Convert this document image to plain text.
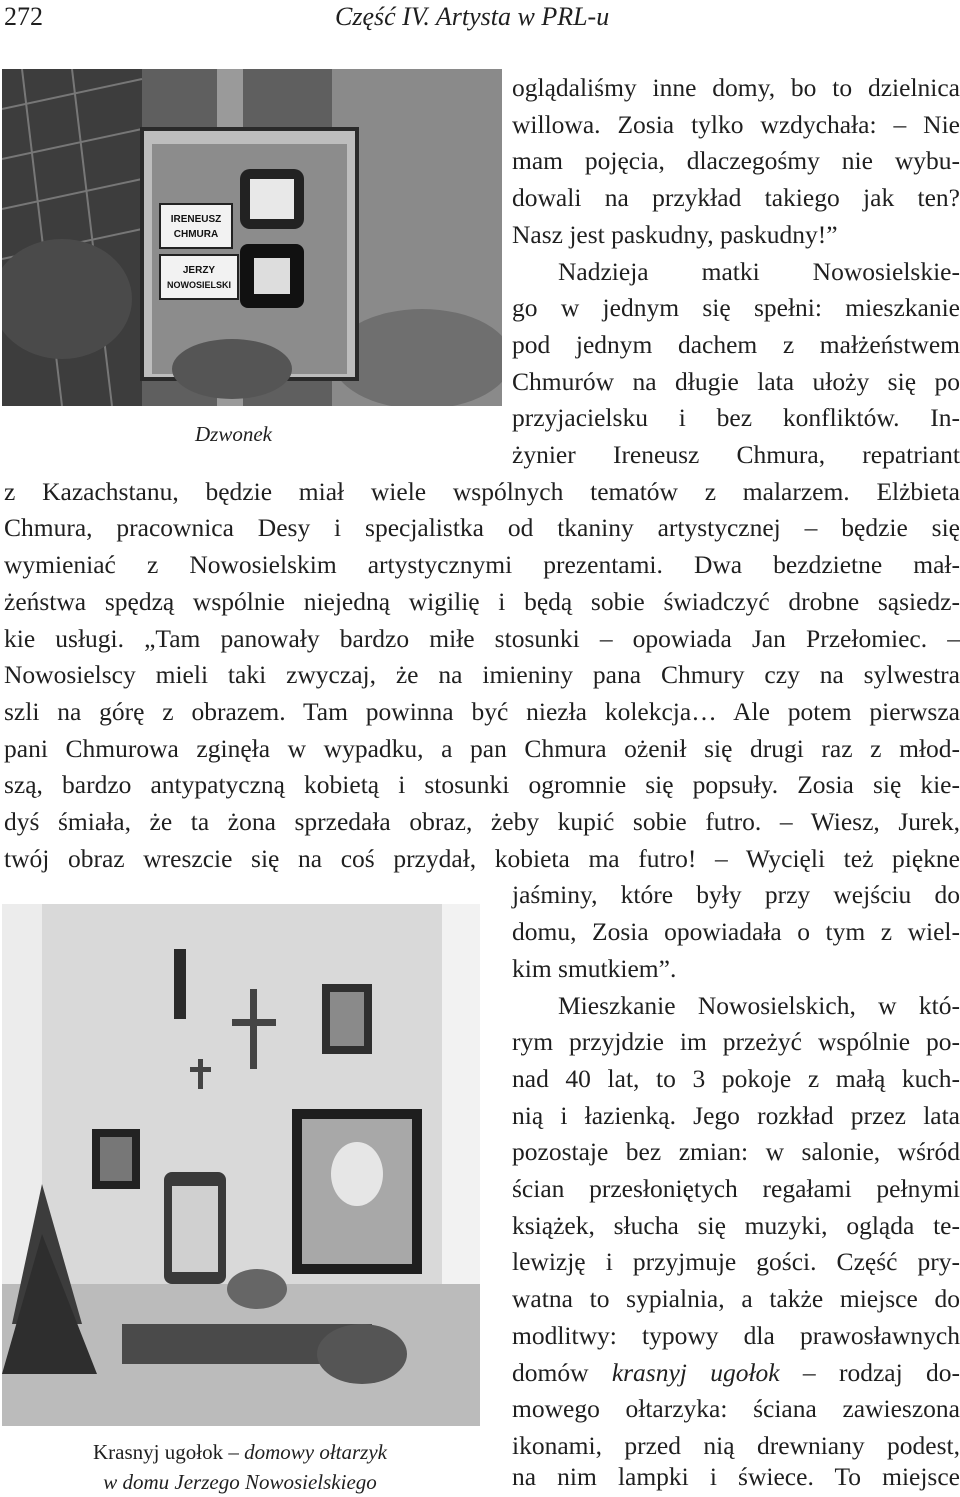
272	Część IV. Artysta w PRL-u
IRENEUSZ
CHMURA
JERZY
NOWOSIELSKI
Dzwonek
Krasnyj ugołok – domowy ołtarzyk
w domu Jerzego Nowosielskiego
oglądaliśmy inne domy, bo to dzielnica
willowa. Zosia tylko wzdychała: – Nie
mam pojęcia, dlaczegośmy nie wybu-
dowali na przykład takiego jak ten?
Nasz jest paskudny, paskudny!”
Nadzieja matki Nowosielskie-
go w jednym się spełni: mieszkanie
pod jednym dachem z małżeństwem
Chmurów na długie lata ułoży się po
przyjacielsku i bez konfliktów. In-
żynier Ireneusz Chmura, repatriant
z Kazachstanu, będzie miał wiele wspólnych tematów z malarzem. Elżbieta
Chmura, pracownica Desy i specjalistka od tkaniny artystycznej – będzie się
wymieniać z Nowosielskim artystycznymi prezentami. Dwa bezdzietne mał-
żeństwa spędzą wspólnie niejedną wigilię i będą sobie świadczyć drobne sąsiedz-
kie usługi. „Tam panowały bardzo miłe stosunki – opowiada Jan Przełomiec. –
Nowosielscy mieli taki zwyczaj, że na imieniny pana Chmury czy na sylwestra
szli na górę z obrazem. Tam powinna być niezła kolekcja… Ale potem pierwsza
pani Chmurowa zginęła w wypadku, a pan Chmura ożenił się drugi raz z młod-
szą, bardzo antypatyczną kobietą i stosunki ogromnie się popsuły. Zosia się kie-
dyś śmiała, że ta żona sprzedała obraz, żeby kupić sobie futro. – Wiesz, Jurek,
twój obraz wreszcie się na coś przydał, kobieta ma futro! – Wycięli też piękne
jaśminy, które były przy wejściu do
domu, Zosia opowiadała o tym z wiel-
kim smutkiem”.
Mieszkanie Nowosielskich, w któ-
rym przyjdzie im przeżyć wspólnie po-
nad 40 lat, to 3 pokoje z małą kuch-
nią i łazienką. Jego rozkład przez lata
pozostaje bez zmian: w salonie, wśród
ścian przesłoniętych regałami pełnymi
książek, słucha się muzyki, ogląda te-
lewizję i przyjmuje gości. Część pry-
watna to sypialnia, a także miejsce do
modlitwy: typowy dla prawosławnych
domów krasnyj ugołok – rodzaj do-
mowego ołtarzyka: ściana zawieszona
ikonami, przed nią drewniany podest,
na nim lampki i świece. To miejsce
